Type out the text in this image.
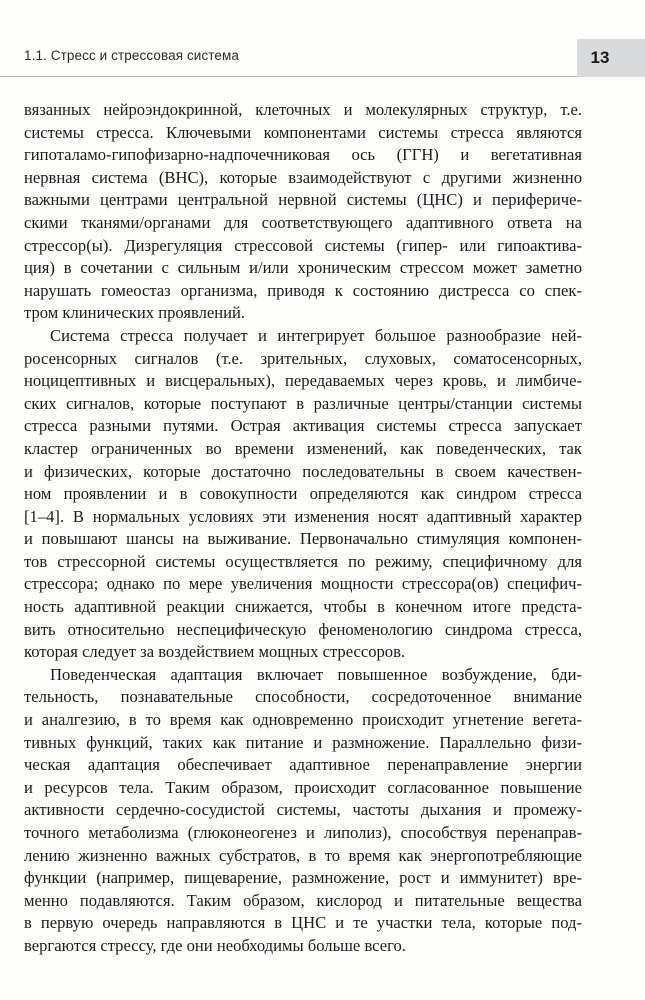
1.1. Стресс и стрессовая система	13
вязанных нейроэндокринной, клеточных и молекулярных структур, т.е.
системы стресса. Ключевыми компонентами системы стресса являются
гипоталамо-гипофизарно-надпочечниковая ось (ГГН) и вегетативная
нервная система (ВНС), которые взаимодействуют с другими жизненно
важными центрами центральной нервной системы (ЦНС) и перифериче-
скими тканями/органами для соответствующего адаптивного ответа на
стрессор(ы). Дизрегуляция стрессовой системы (гипер- или гипоактива-
ция) в сочетании с сильным и/или хроническим стрессом может заметно
нарушать гомеостаз организма, приводя к состоянию дистресса со спек-
тром клинических проявлений.
Система стресса получает и интегрирует большое разнообразие ней-
росенсорных сигналов (т.е. зрительных, слуховых, соматосенсорных,
ноцицептивных и висцеральных), передаваемых через кровь, и лимбиче-
ских сигналов, которые поступают в различные центры/станции системы
стресса разными путями. Острая активация системы стресса запускает
кластер ограниченных во времени изменений, как поведенческих, так
и физических, которые достаточно последовательны в своем качествен-
ном проявлении и в совокупности определяются как синдром стресса
[1–4]. В нормальных условиях эти изменения носят адаптивный характер
и повышают шансы на выживание. Первоначально стимуляция компонен-
тов стрессорной системы осуществляется по режиму, специфичному для
стрессора; однако по мере увеличения мощности стрессора(ов) специфич-
ность адаптивной реакции снижается, чтобы в конечном итоге предста-
вить относительно неспецифическую феноменологию синдрома стресса,
которая следует за воздействием мощных стрессоров.
Поведенческая адаптация включает повышенное возбуждение, бди-
тельность, познавательные способности, сосредоточенное внимание
и аналгезию, в то время как одновременно происходит угнетение вегета-
тивных функций, таких как питание и размножение. Параллельно физи-
ческая адаптация обеспечивает адаптивное перенаправление энергии
и ресурсов тела. Таким образом, происходит согласованное повышение
активности сердечно-сосудистой системы, частоты дыхания и промежу-
точного метаболизма (глюконеогенез и липолиз), способствуя перенаправ-
лению жизненно важных субстратов, в то время как энергопотребляющие
функции (например, пищеварение, размножение, рост и иммунитет) вре-
менно подавляются. Таким образом, кислород и питательные вещества
в первую очередь направляются в ЦНС и те участки тела, которые под-
вергаются стрессу, где они необходимы больше всего.
